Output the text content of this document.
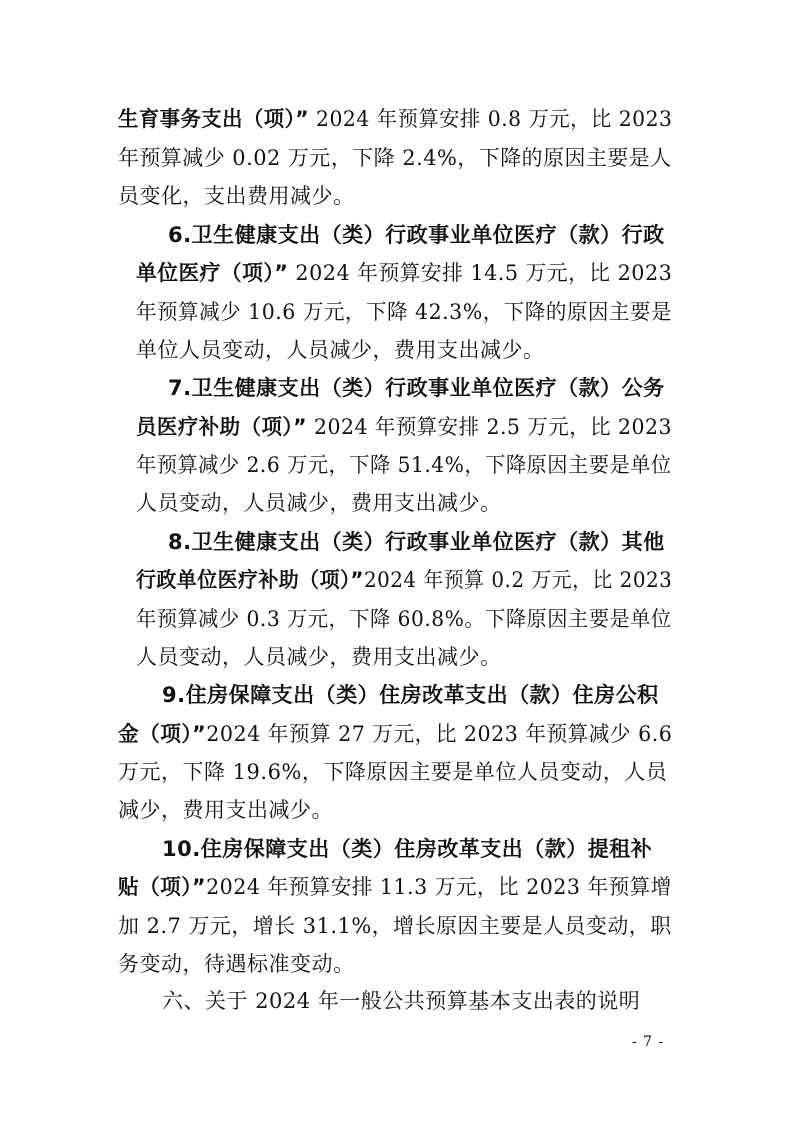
生育事务支出（项）” 2024 年预算安排 0.8 万元，比 2023
年预算减少 0.02 万元，下降 2.4%，下降的原因主要是人
员变化，支出费用减少。
6.卫生健康支出（类）行政事业单位医疗（款）行政
单位医疗（项）” 2024 年预算安排 14.5 万元，比 2023
年预算减少 10.6 万元，下降 42.3%，下降的原因主要是
单位人员变动，人员减少，费用支出减少。
7.卫生健康支出（类）行政事业单位医疗（款）公务
员医疗补助（项）” 2024 年预算安排 2.5 万元，比 2023
年预算减少 2.6 万元，下降 51.4%，下降原因主要是单位
人员变动，人员减少，费用支出减少。
8.卫生健康支出（类）行政事业单位医疗（款）其他
行政单位医疗补助（项）”2024 年预算 0.2 万元，比 2023
年预算减少 0.3 万元，下降 60.8%。下降原因主要是单位
人员变动，人员减少，费用支出减少。
9.住房保障支出（类）住房改革支出（款）住房公积
金（项）”2024 年预算 27 万元，比 2023 年预算减少 6.6
万元，下降 19.6%，下降原因主要是单位人员变动，人员
减少，费用支出减少。
10.住房保障支出（类）住房改革支出（款）提租补
贴（项）”2024 年预算安排 11.3 万元，比 2023 年预算增
加 2.7 万元，增长 31.1%，增长原因主要是人员变动，职
务变动，待遇标准变动。
六、关于 2024 年一般公共预算基本支出表的说明
- 7 -
